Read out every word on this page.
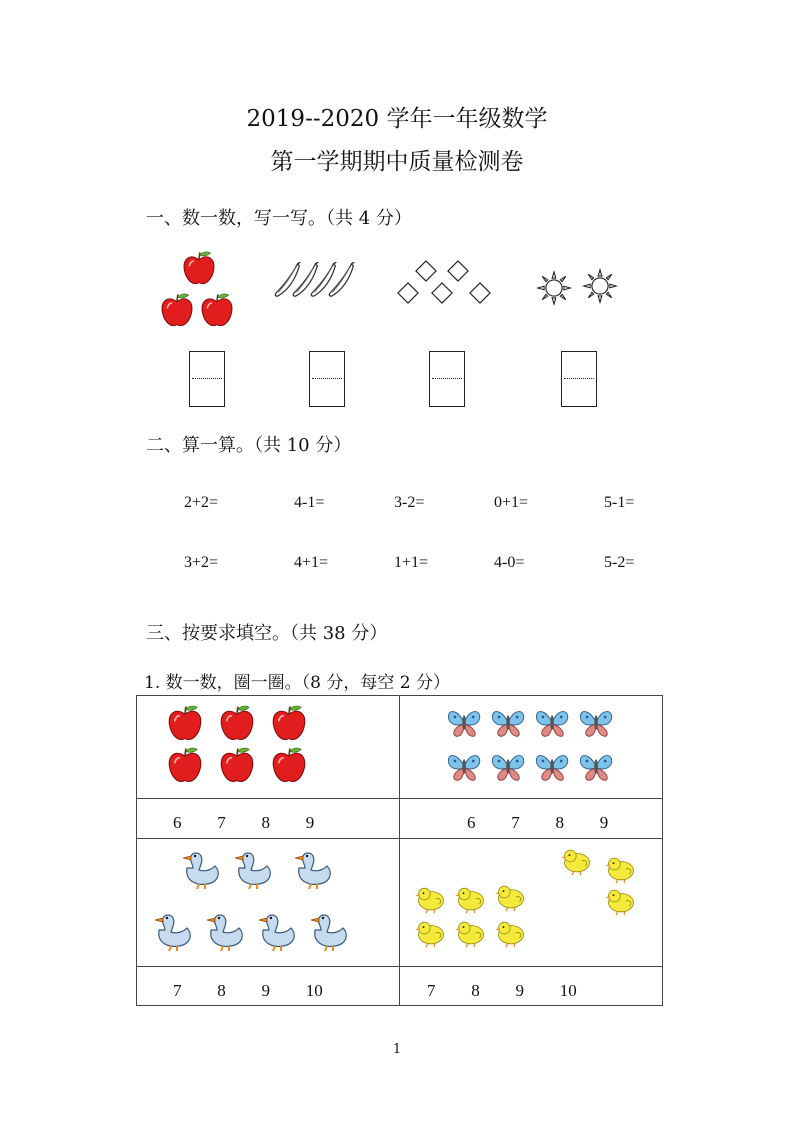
2019--2020 学年一年级数学
第一学期期中质量检测卷
一、数一数，写一写。（共 4 分）
二、算一算。（共 10 分）
2+2=	4-1=	3-2=	0+1=	5-1=
3+2=	4+1=	1+1=	4-0=	5-2=
三、按要求填空。（共 38 分）
1. 数一数，圈一圈。（8 分，每空 2 分）
6 7 8 9	6 7 8 9
7 8 9 10	7 8 9 10
1
